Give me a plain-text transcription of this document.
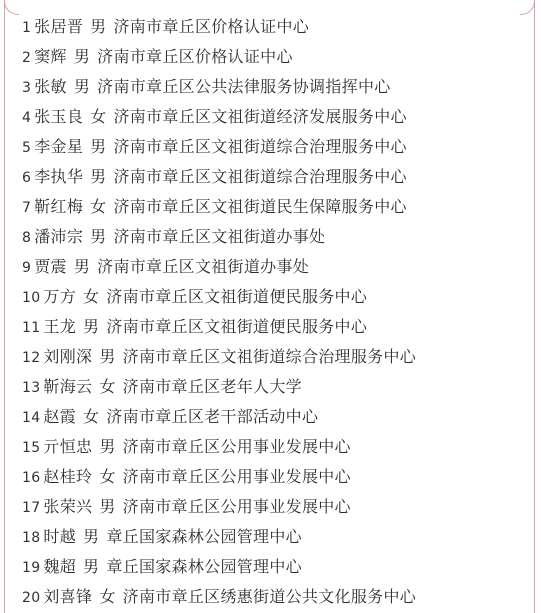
1 张居晋 男 济南市章丘区价格认证中心
2 窦辉 男 济南市章丘区价格认证中心
3 张敏 男 济南市章丘区公共法律服务协调指挥中心
4 张玉良 女 济南市章丘区文祖街道经济发展服务中心
5 李金星 男 济南市章丘区文祖街道综合治理服务中心
6 李执华 男 济南市章丘区文祖街道综合治理服务中心
7 靳红梅 女 济南市章丘区文祖街道民生保障服务中心
8 潘沛宗 男 济南市章丘区文祖街道办事处
9 贾震 男 济南市章丘区文祖街道办事处
10 万方 女 济南市章丘区文祖街道便民服务中心
11 王龙 男 济南市章丘区文祖街道便民服务中心
12 刘刚深 男 济南市章丘区文祖街道综合治理服务中心
13 靳海云 女 济南市章丘区老年人大学
14 赵霞 女 济南市章丘区老干部活动中心
15 亓恒忠 男 济南市章丘区公用事业发展中心
16 赵桂玲 女 济南市章丘区公用事业发展中心
17 张荣兴 男 济南市章丘区公用事业发展中心
18 时越 男 章丘国家森林公园管理中心
19 魏超 男 章丘国家森林公园管理中心
20 刘喜锋 女 济南市章丘区绣惠街道公共文化服务中心
